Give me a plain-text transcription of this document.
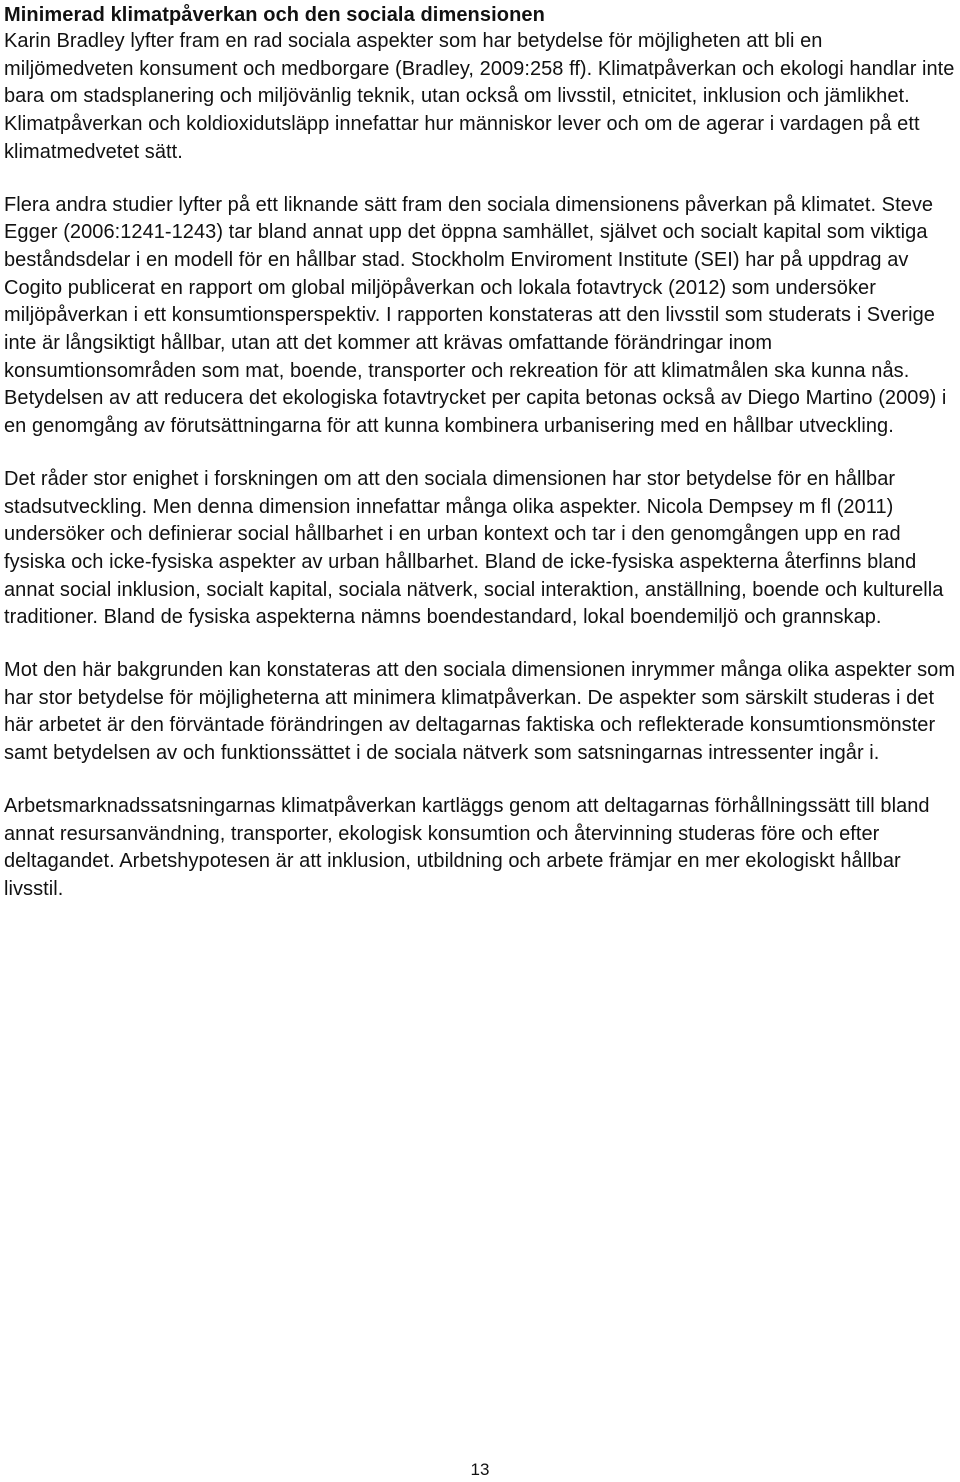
Minimerad klimatpåverkan och den sociala dimensionen

Karin Bradley lyfter fram en rad sociala aspekter som har betydelse för möjligheten att bli en miljömedveten konsument och medborgare (Bradley, 2009:258 ff). Klimatpåverkan och ekologi handlar inte bara om stadsplanering och miljövänlig teknik, utan också om livsstil, etnicitet, inklusion och jämlikhet. Klimatpåverkan och koldioxidutsläpp innefattar hur människor lever och om de agerar i vardagen på ett klimatmedvetet sätt.

Flera andra studier lyfter på ett liknande sätt fram den sociala dimensionens påverkan på klimatet. Steve Egger (2006:1241-1243) tar bland annat upp det öppna samhället, självet och socialt kapital som viktiga beståndsdelar i en modell för en hållbar stad. Stockholm Enviroment Institute (SEI) har på uppdrag av Cogito publicerat en rapport om global miljöpåverkan och lokala fotavtryck (2012) som undersöker miljöpåverkan i ett konsumtionsperspektiv. I rapporten konstateras att den livsstil som studerats i Sverige inte är långsiktigt hållbar, utan att det kommer att krävas omfattande förändringar inom konsumtionsområden som mat, boende, transporter och rekreation för att klimatmålen ska kunna nås. Betydelsen av att reducera det ekologiska fotavtrycket per capita betonas också av Diego Martino (2009) i en genomgång av förutsättningarna för att kunna kombinera urbanisering med en hållbar utveckling.

Det råder stor enighet i forskningen om att den sociala dimensionen har stor betydelse för en hållbar stadsutveckling. Men denna dimension innefattar många olika aspekter. Nicola Dempsey m fl (2011) undersöker och definierar social hållbarhet i en urban kontext och tar i den genomgången upp en rad fysiska och icke-fysiska aspekter av urban hållbarhet. Bland de icke-fysiska aspekterna återfinns bland annat social inklusion, socialt kapital, sociala nätverk, social interaktion, anställning, boende och kulturella traditioner. Bland de fysiska aspekterna nämns boendestandard, lokal boendemiljö och grannskap.

Mot den här bakgrunden kan konstateras att den sociala dimensionen inrymmer många olika aspekter som har stor betydelse för möjligheterna att minimera klimatpåverkan. De aspekter som särskilt studeras i det här arbetet är den förväntade förändringen av deltagarnas faktiska och reflekterade konsumtionsmönster samt betydelsen av och funktionssättet i de sociala nätverk som satsningarnas intressenter ingår i.

Arbetsmarknadssatsningarnas klimatpåverkan kartläggs genom att deltagarnas förhållningssätt till bland annat resursanvändning, transporter, ekologisk konsumtion och återvinning studeras före och efter deltagandet. Arbetshypotesen är att inklusion, utbildning och arbete främjar en mer ekologiskt hållbar livsstil.

13
